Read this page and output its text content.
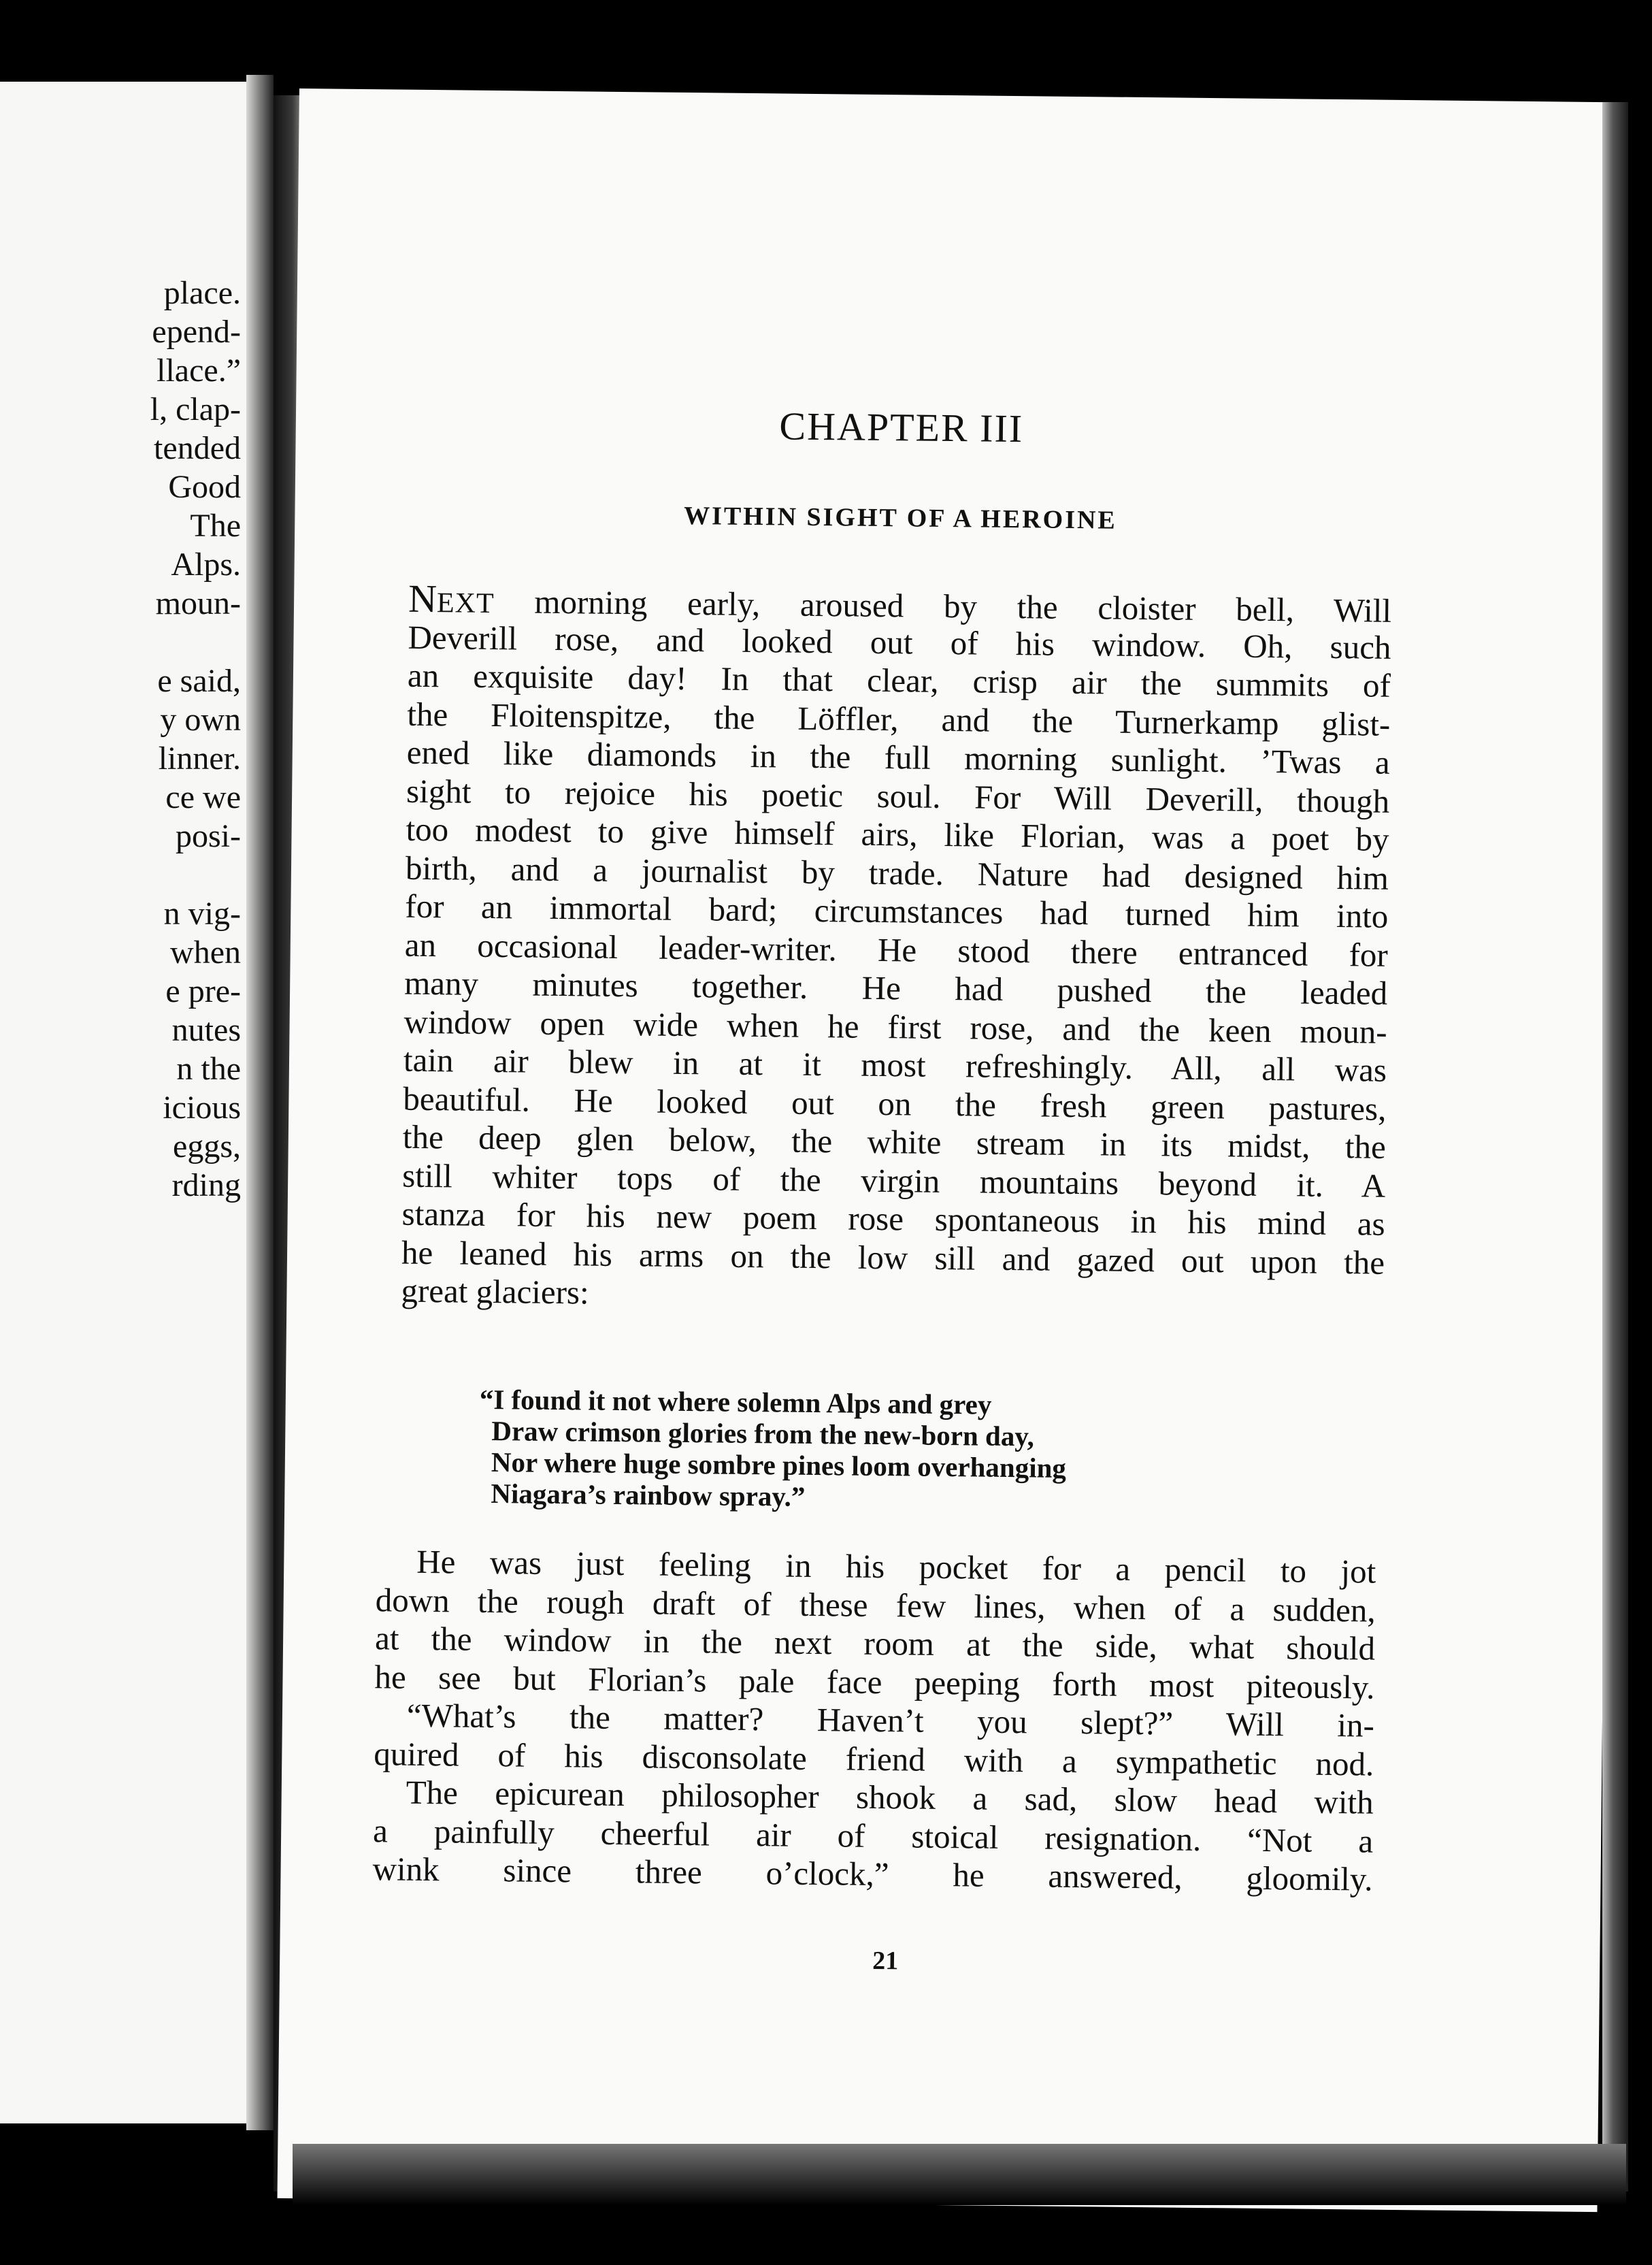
place.
epend-
llace.”
l, clap-
tended
Good
The
Alps.
moun-
e said,
y own
linner.
ce we
posi-
n vig-
when
e pre-
nutes
n the
icious
eggs,
rding
CHAPTER III
WITHIN SIGHT OF A HEROINE
NEXT morning early, aroused by the cloister bell, Will
Deverill rose, and looked out of his window. Oh, such
an exquisite day! In that clear, crisp air the summits of
the Floitenspitze, the Löffler, and the Turnerkamp glist-
ened like diamonds in the full morning sunlight. ’Twas a
sight to rejoice his poetic soul. For Will Deverill, though
too modest to give himself airs, like Florian, was a poet by
birth, and a journalist by trade. Nature had designed him
for an immortal bard; circumstances had turned him into
an occasional leader-writer. He stood there entranced for
many minutes together. He had pushed the leaded
window open wide when he first rose, and the keen moun-
tain air blew in at it most refreshingly. All, all was
beautiful. He looked out on the fresh green pastures,
the deep glen below, the white stream in its midst, the
still whiter tops of the virgin mountains beyond it. A
stanza for his new poem rose spontaneous in his mind as
he leaned his arms on the low sill and gazed out upon the
great glaciers:
“I found it not where solemn Alps and grey
Draw crimson glories from the new-born day,
Nor where huge sombre pines loom overhanging
Niagara’s rainbow spray.”
He was just feeling in his pocket for a pencil to jot
down the rough draft of these few lines, when of a sudden,
at the window in the next room at the side, what should
he see but Florian’s pale face peeping forth most piteously.
“What’s the matter? Haven’t you slept?” Will in-
quired of his disconsolate friend with a sympathetic nod.
The epicurean philosopher shook a sad, slow head with
a painfully cheerful air of stoical resignation. “Not a
wink since three o’clock,” he answered, gloomily.
21
